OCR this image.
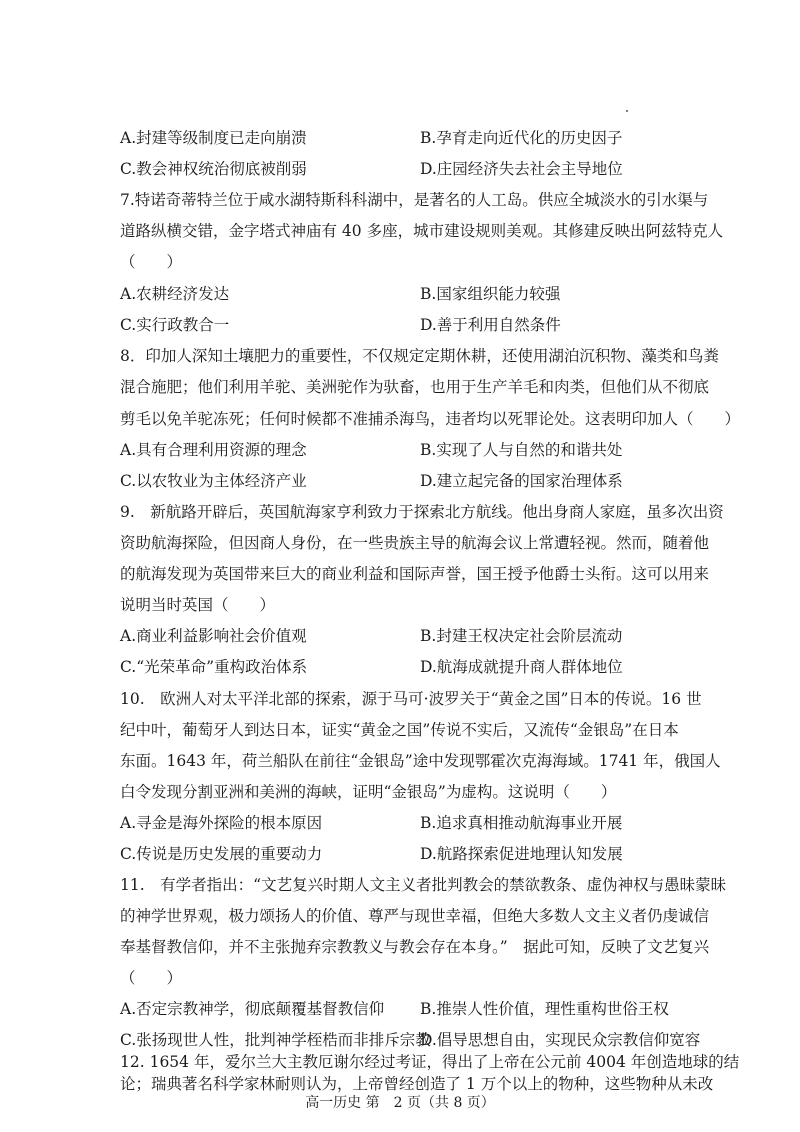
A.封建等级制度已走向崩溃	B.孕育走向近代化的历史因子
C.教会神权统治彻底被削弱	D.庄园经济失去社会主导地位
7.特诺奇蒂特兰位于咸水湖特斯科科湖中，是著名的人工岛。供应全城淡水的引水渠与
道路纵横交错，金字塔式神庙有 40 多座，城市建设规则美观。其修建反映出阿兹特克人
（　　）
A.农耕经济发达	B.国家组织能力较强
C.实行政教合一	D.善于利用自然条件
8．印加人深知土壤肥力的重要性，不仅规定定期休耕，还使用湖泊沉积物、藻类和鸟粪
混合施肥；他们利用羊驼、美洲驼作为驮畜，也用于生产羊毛和肉类，但他们从不彻底
剪毛以免羊驼冻死；任何时候都不准捕杀海鸟，违者均以死罪论处。这表明印加人（　　）
A.具有合理利用资源的理念	B.实现了人与自然的和谐共处
C.以农牧业为主体经济产业	D.建立起完备的国家治理体系
9.　新航路开辟后，英国航海家亨利致力于探索北方航线。他出身商人家庭，虽多次出资
资助航海探险，但因商人身份，在一些贵族主导的航海会议上常遭轻视。然而，随着他
的航海发现为英国带来巨大的商业利益和国际声誉，国王授予他爵士头衔。这可以用来
说明当时英国（　　）
A.商业利益影响社会价值观	B.封建王权决定社会阶层流动
C.“光荣革命”重构政治体系	D.航海成就提升商人群体地位
10.　欧洲人对太平洋北部的探索，源于马可·波罗关于“黄金之国”日本的传说。16 世
纪中叶，葡萄牙人到达日本，证实“黄金之国”传说不实后，又流传“金银岛”在日本
东面。1643 年，荷兰船队在前往“金银岛”途中发现鄂霍次克海海域。1741 年，俄国人
白令发现分割亚洲和美洲的海峡，证明“金银岛”为虚构。这说明（　　）
A.寻金是海外探险的根本原因	B.追求真相推动航海事业开展
C.传说是历史发展的重要动力	D.航路探索促进地理认知发展
11.　有学者指出：“文艺复兴时期人文主义者批判教会的禁欲教条、虚伪神权与愚昧蒙昧
的神学世界观，极力颂扬人的价值、尊严与现世幸福，但绝大多数人文主义者仍虔诚信
奉基督教信仰，并不主张抛弃宗教教义与教会存在本身。”　据此可知，反映了文艺复兴
（　　）
A.否定宗教神学，彻底颠覆基督教信仰 B.推崇人性价值，理性重构世俗王权
C.张扬现世人性，批判神学桎梏而非排斥宗教
D.倡导思想自由，实现民众宗教信仰宽容
12. 1654 年，爱尔兰大主教厄谢尔经过考证，得出了上帝在公元前 4004 年创造地球的结
论；瑞典著名科学家林耐则认为，上帝曾经创造了 1 万个以上的物种，这些物种从未改
高一历史 第　2 页（共 8 页）
